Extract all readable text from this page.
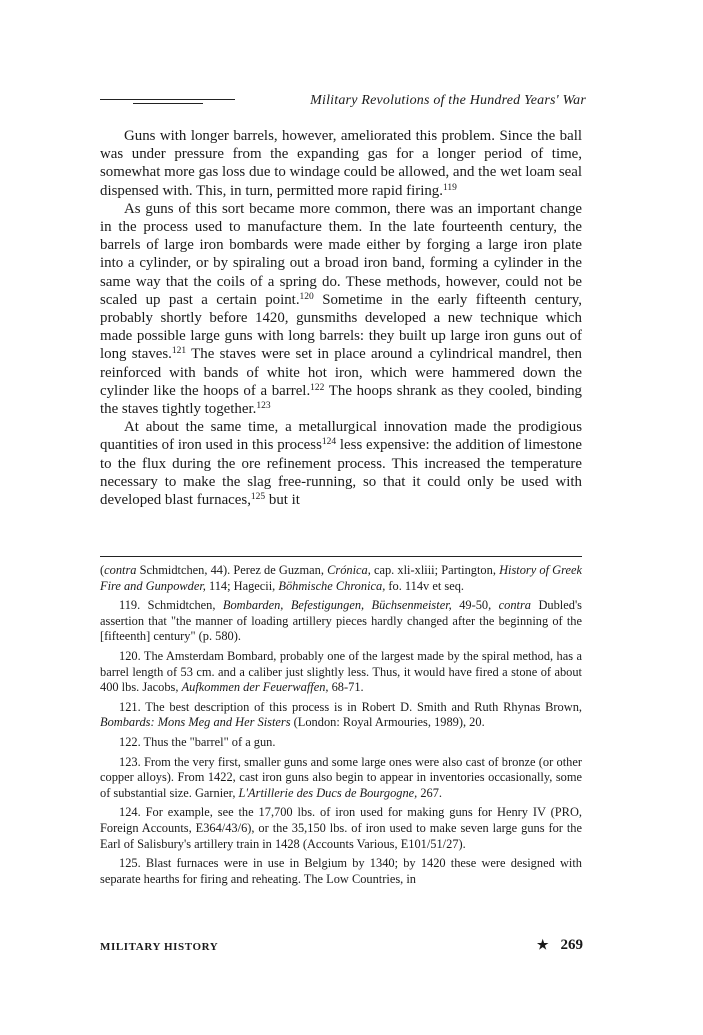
Military Revolutions of the Hundred Years' War

Guns with longer barrels, however, ameliorated this problem. Since the ball was under pressure from the expanding gas for a longer period of time, somewhat more gas loss due to windage could be allowed, and the wet loam seal dispensed with. This, in turn, permitted more rapid firing.$^{119}$

As guns of this sort became more common, there was an important change in the process used to manufacture them. In the late fourteenth century, the barrels of large iron bombards were made either by forging a large iron plate into a cylinder, or by spiraling out a broad iron band, forming a cylinder in the same way that the coils of a spring do. These methods, however, could not be scaled up past a certain point.$^{120}$ Sometime in the early fifteenth century, probably shortly before 1420, gunsmiths developed a new technique which made possible large guns with long barrels: they built up large iron guns out of long staves.$^{121}$ The staves were set in place around a cylindrical mandrel, then reinforced with bands of white hot iron, which were hammered down the cylinder like the hoops of a barrel.$^{122}$ The hoops shrank as they cooled, binding the staves tightly together.$^{123}$

At about the same time, a metallurgical innovation made the prodigious quantities of iron used in this process$^{124}$ less expensive: the addition of limestone to the flux during the ore refinement process. This increased the temperature necessary to make the slag free-running, so that it could only be used with developed blast furnaces,$^{125}$ but it

(contra Schmidtchen, 44). Perez de Guzman, Crónica, cap. xli-xliii; Partington, History of Greek Fire and Gunpowder, 114; Hagecii, Böhmische Chronica, fo. 114v et seq.

119. Schmidtchen, Bombarden, Befestigungen, Büchsenmeister, 49-50, contra Dubled's assertion that "the manner of loading artillery pieces hardly changed after the beginning of the [fifteenth] century" (p. 580).

120. The Amsterdam Bombard, probably one of the largest made by the spiral method, has a barrel length of 53 cm. and a caliber just slightly less. Thus, it would have fired a stone of about 400 lbs. Jacobs, Aufkommen der Feuerwaffen, 68-71.

121. The best description of this process is in Robert D. Smith and Ruth Rhynas Brown, Bombards: Mons Meg and Her Sisters (London: Royal Armouries, 1989), 20.

122. Thus the "barrel" of a gun.

123. From the very first, smaller guns and some large ones were also cast of bronze (or other copper alloys). From 1422, cast iron guns also begin to appear in inventories occasionally, some of substantial size. Garnier, L'Artillerie des Ducs de Bourgogne, 267.

124. For example, see the 17,700 lbs. of iron used for making guns for Henry IV (PRO, Foreign Accounts, E364/43/6), or the 35,150 lbs. of iron used to make seven large guns for the Earl of Salisbury's artillery train in 1428 (Accounts Various, E101/51/27).

125. Blast furnaces were in use in Belgium by 1340; by 1420 these were designed with separate hearths for firing and reheating. The Low Countries, in

MILITARY HISTORY	★ 269
